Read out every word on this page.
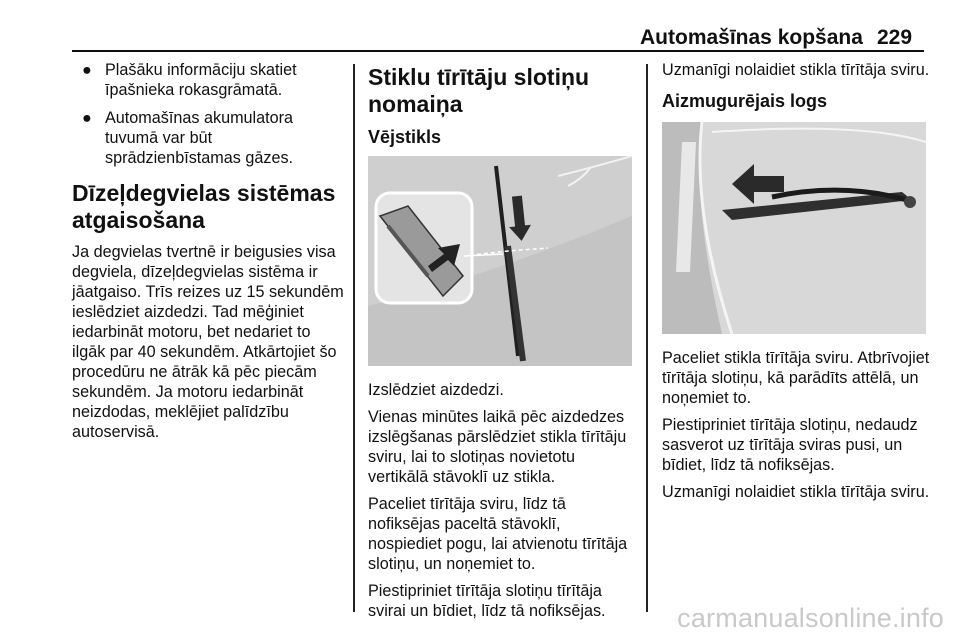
Automašīnas kopšana 229
● Plašāku informāciju skatiet īpašnieka rokasgrāmatā.
● Automašīnas akumulatora tuvumā var būt sprādzienbīstamas gāzes.
Dīzeļdegvielas sistēmas atgaisošana

Ja degvielas tvertnē ir beigusies visa degviela, dīzeļdegvielas sistēma ir jāatgaiso. Trīs reizes uz 15 sekundēm ieslēdziet aizdedzi. Tad mēģiniet iedarbināt motoru, bet nedariet to ilgāk par 40 sekundēm. Atkārtojiet šo procedūru ne ātrāk kā pēc piecām sekundēm. Ja motoru iedarbināt neizdodas, meklējiet palīdzību autoservisā.

Stiklu tīrītāju slotiņu nomaiņa
Vējstikls

Izslēdziet aizdedzi.

Vienas minūtes laikā pēc aizdedzes izslēgšanas pārslēdziet stikla tīrītāju sviru, lai to slotiņas novietotu vertikālā stāvoklī uz stikla.

Paceliet tīrītāja sviru, līdz tā nofiksējas paceltā stāvoklī, nospiediet pogu, lai atvienotu tīrītāja slotiņu, un noņemiet to.

Piestipriniet tīrītāja slotiņu tīrītāja svirai un bīdiet, līdz tā nofiksējas.

Uzmanīgi nolaidiet stikla tīrītāja sviru.

Aizmugurējais logs

Paceliet stikla tīrītāja sviru. Atbrīvojiet tīrītāja slotiņu, kā parādīts attēlā, un noņemiet to.

Piestipriniet tīrītāja slotiņu, nedaudz sasverot uz tīrītāja sviras pusi, un bīdiet, līdz tā nofiksējas.

Uzmanīgi nolaidiet stikla tīrītāja sviru.

carmanualsonline.info
